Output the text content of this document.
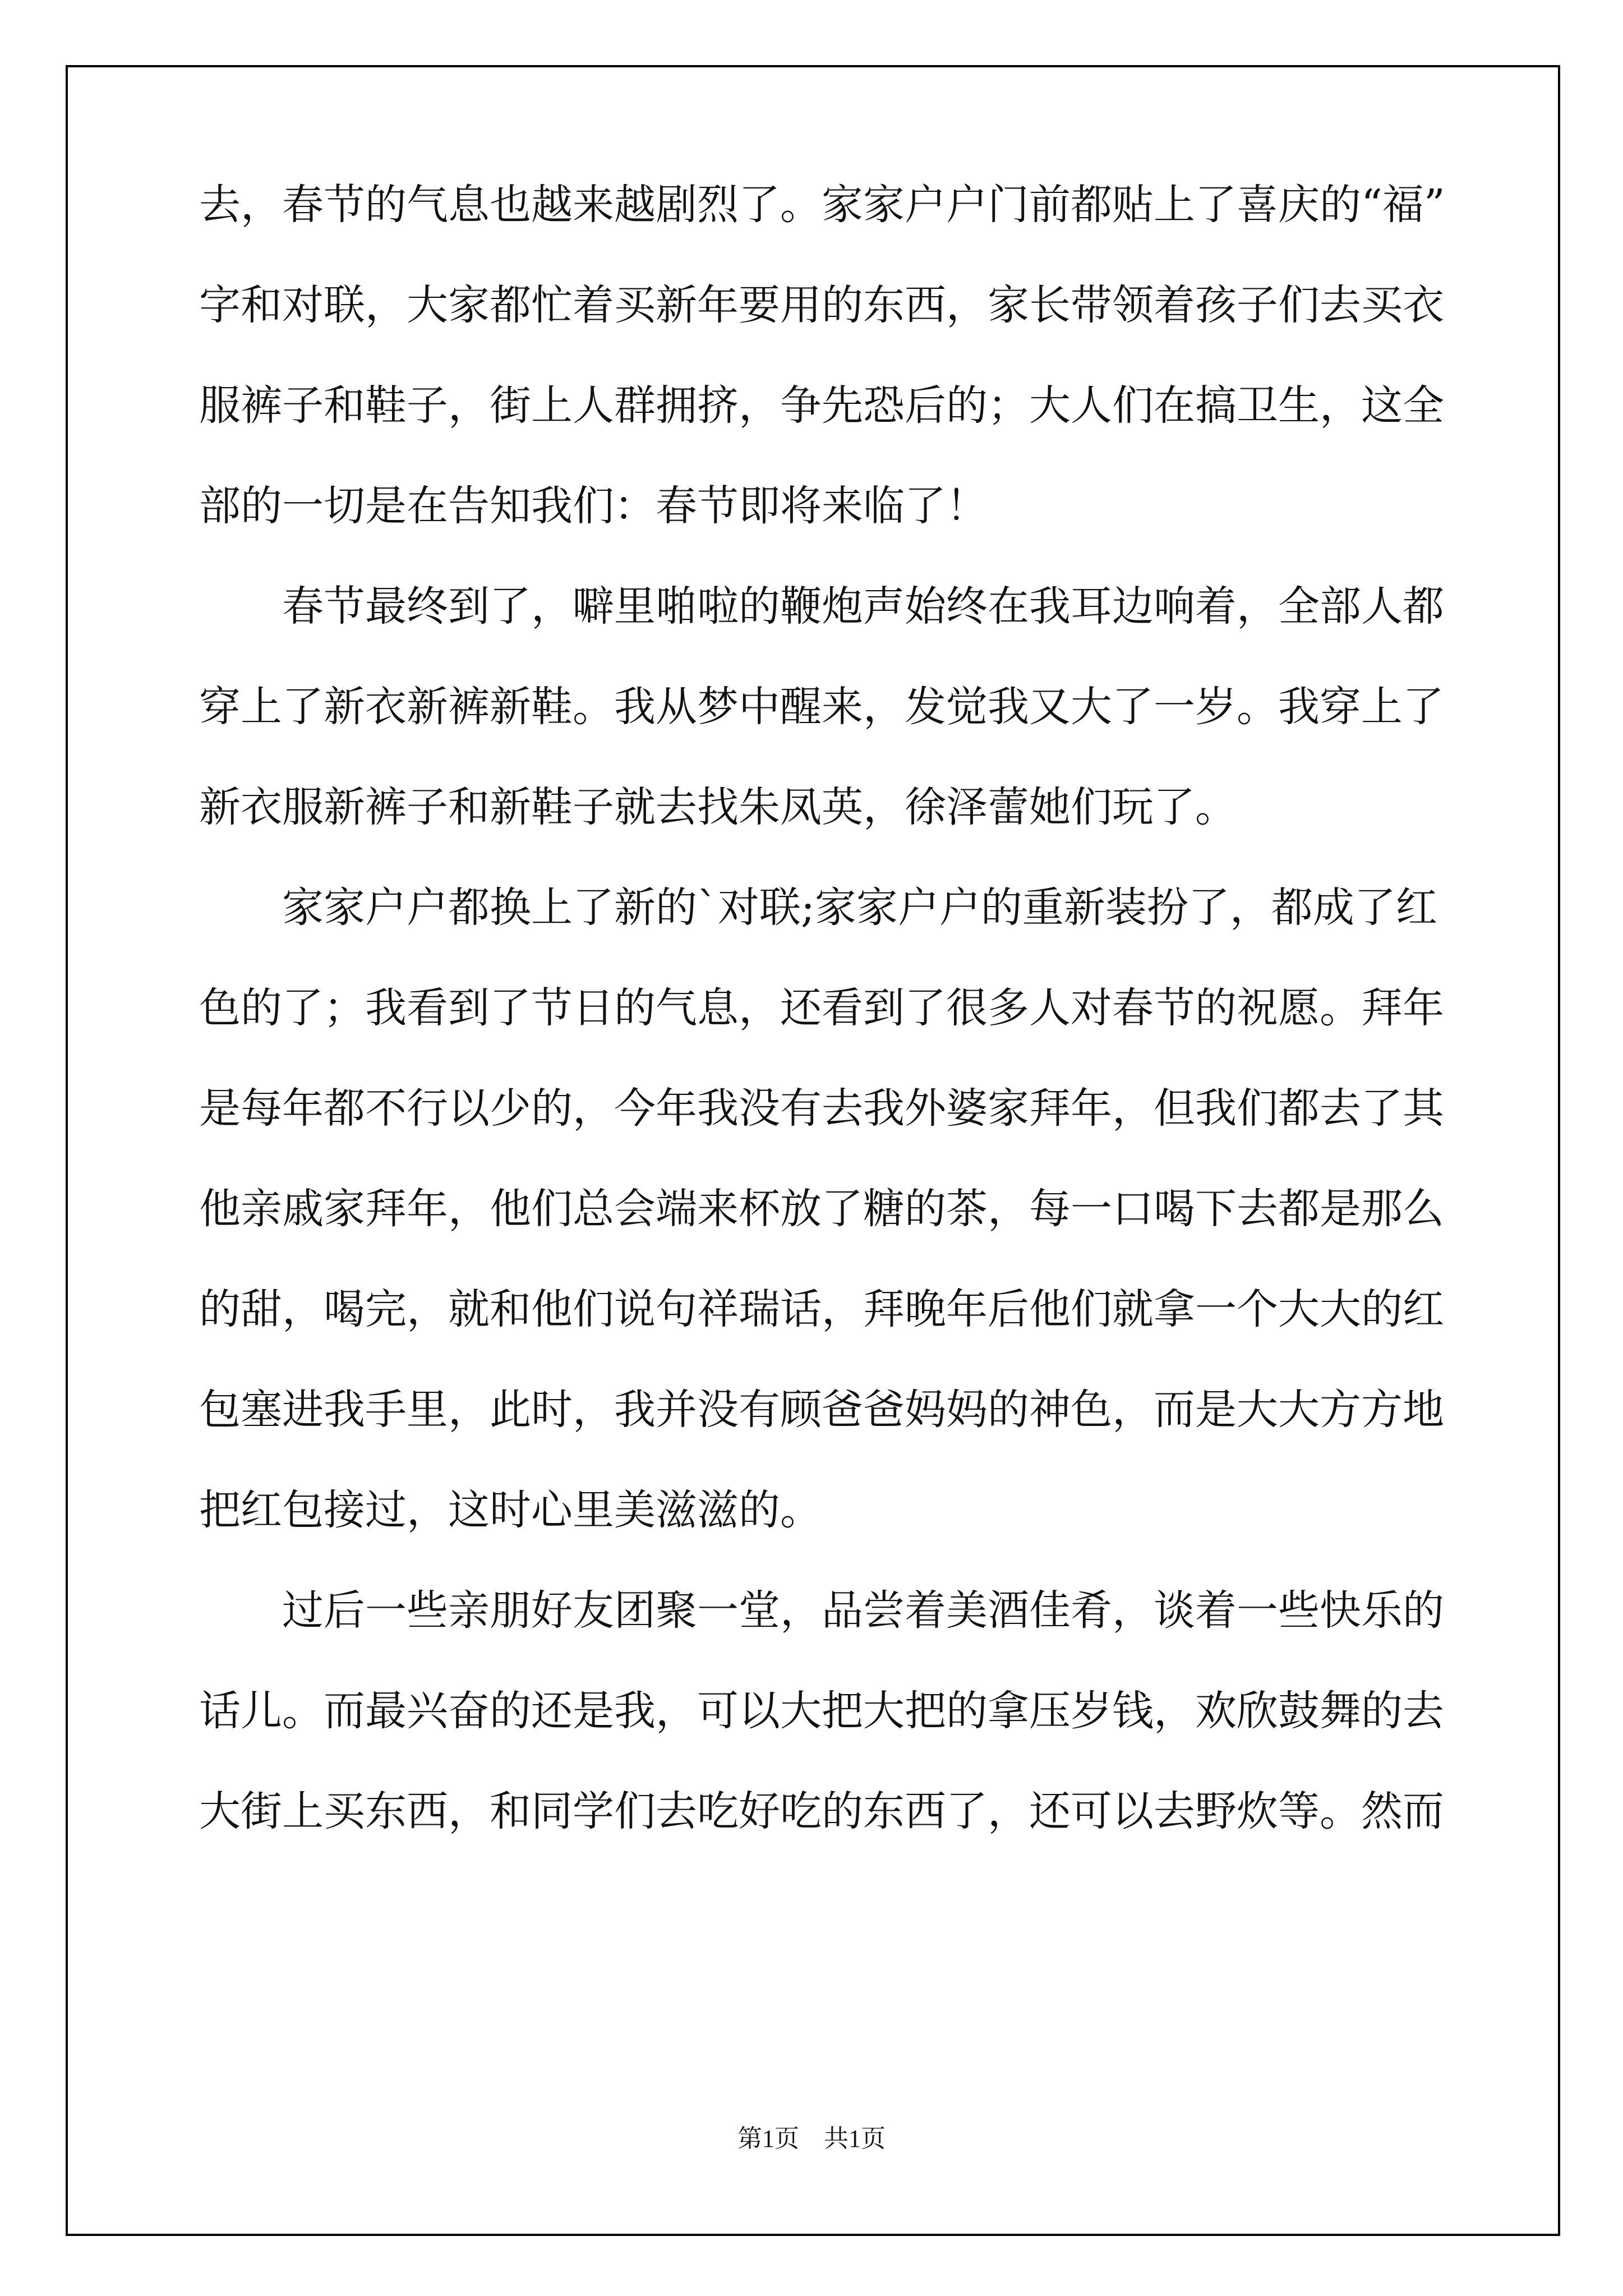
去，春节的气息也越来越剧烈了。家家户户门前都贴上了喜庆的“福”
字和对联，大家都忙着买新年要用的东西，家长带领着孩子们去买衣
服裤子和鞋子，街上人群拥挤，争先恐后的；大人们在搞卫生，这全
部的一切是在告知我们：春节即将来临了！
　　春节最终到了，噼里啪啦的鞭炮声始终在我耳边响着，全部人都
穿上了新衣新裤新鞋。我从梦中醒来，发觉我又大了一岁。我穿上了
新衣服新裤子和新鞋子就去找朱凤英，徐泽蕾她们玩了。
　　家家户户都换上了新的`对联;家家户户的重新装扮了，都成了红
色的了；我看到了节日的气息，还看到了很多人对春节的祝愿。拜年
是每年都不行以少的，今年我没有去我外婆家拜年，但我们都去了其
他亲戚家拜年，他们总会端来杯放了糖的茶，每一口喝下去都是那么
的甜，喝完，就和他们说句祥瑞话，拜晚年后他们就拿一个大大的红
包塞进我手里，此时，我并没有顾爸爸妈妈的神色，而是大大方方地
把红包接过，这时心里美滋滋的。
　　过后一些亲朋好友团聚一堂，品尝着美酒佳肴，谈着一些快乐的
话儿。而最兴奋的还是我，可以大把大把的拿压岁钱，欢欣鼓舞的去
大街上买东西，和同学们去吃好吃的东西了，还可以去野炊等。然而
第1页　共1页
